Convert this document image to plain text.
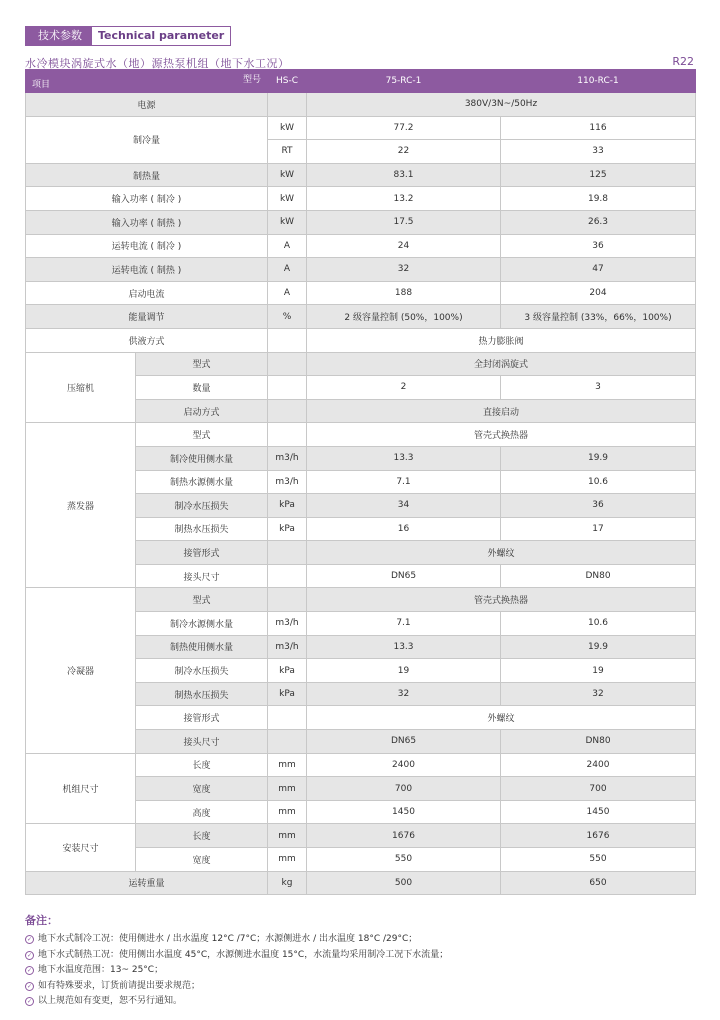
技术参数	Technical parameter
水冷模块涡旋式水（地）源热泵机组（地下水工况）	R22
型号
项目		HS-C	75-RC-1	110-RC-1
电源			380V/3N~/50Hz	
制冷量		kW	77.2	116
		RT	22	33
制热量		kW	83.1	125
输入功率 ( 制冷 )		kW	13.2	19.8
输入功率 ( 制热 )		kW	17.5	26.3
运转电流 ( 制冷 )		A	24	36
运转电流 ( 制热 )		A	32	47
启动电流		A	188	204
能量调节		%	2 级容量控制 (50%，100%)	3 级容量控制 (33%，66%，100%)
供液方式			热力膨胀阀	
压缩机	型式		全封闭涡旋式	
	数量		2	3
	启动方式		直接启动	
蒸发器	型式		管壳式换热器	
	制冷使用侧水量	m3/h	13.3	19.9
	制热水源侧水量	m3/h	7.1	10.6
	制冷水压损失	kPa	34	36
	制热水压损失	kPa	16	17
	接管形式		外螺纹	
	接头尺寸		DN65	DN80
冷凝器	型式		管壳式换热器	
	制冷水源侧水量	m3/h	7.1	10.6
	制热使用侧水量	m3/h	13.3	19.9
	制冷水压损失	kPa	19	19
	制热水压损失	kPa	32	32
	接管形式		外螺纹	
	接头尺寸		DN65	DN80
机组尺寸	长度	mm	2400	2400
	宽度	mm	700	700
	高度	mm	1450	1450
安装尺寸	长度	mm	1676	1676
	宽度	mm	550	550
运转重量		kg	500	650
备注：
✓ 地下水式制冷工况：使用侧进水 / 出水温度 12°C /7°C；水源侧进水 / 出水温度 18°C /29°C；
✓ 地下水式制热工况：使用侧出水温度 45°C，水源侧进水温度 15°C，水流量均采用制冷工况下水流量；
✓ 地下水温度范围：13~ 25°C；
✓ 如有特殊要求，订货前请提出要求规范；
✓ 以上规范如有变更，恕不另行通知。
